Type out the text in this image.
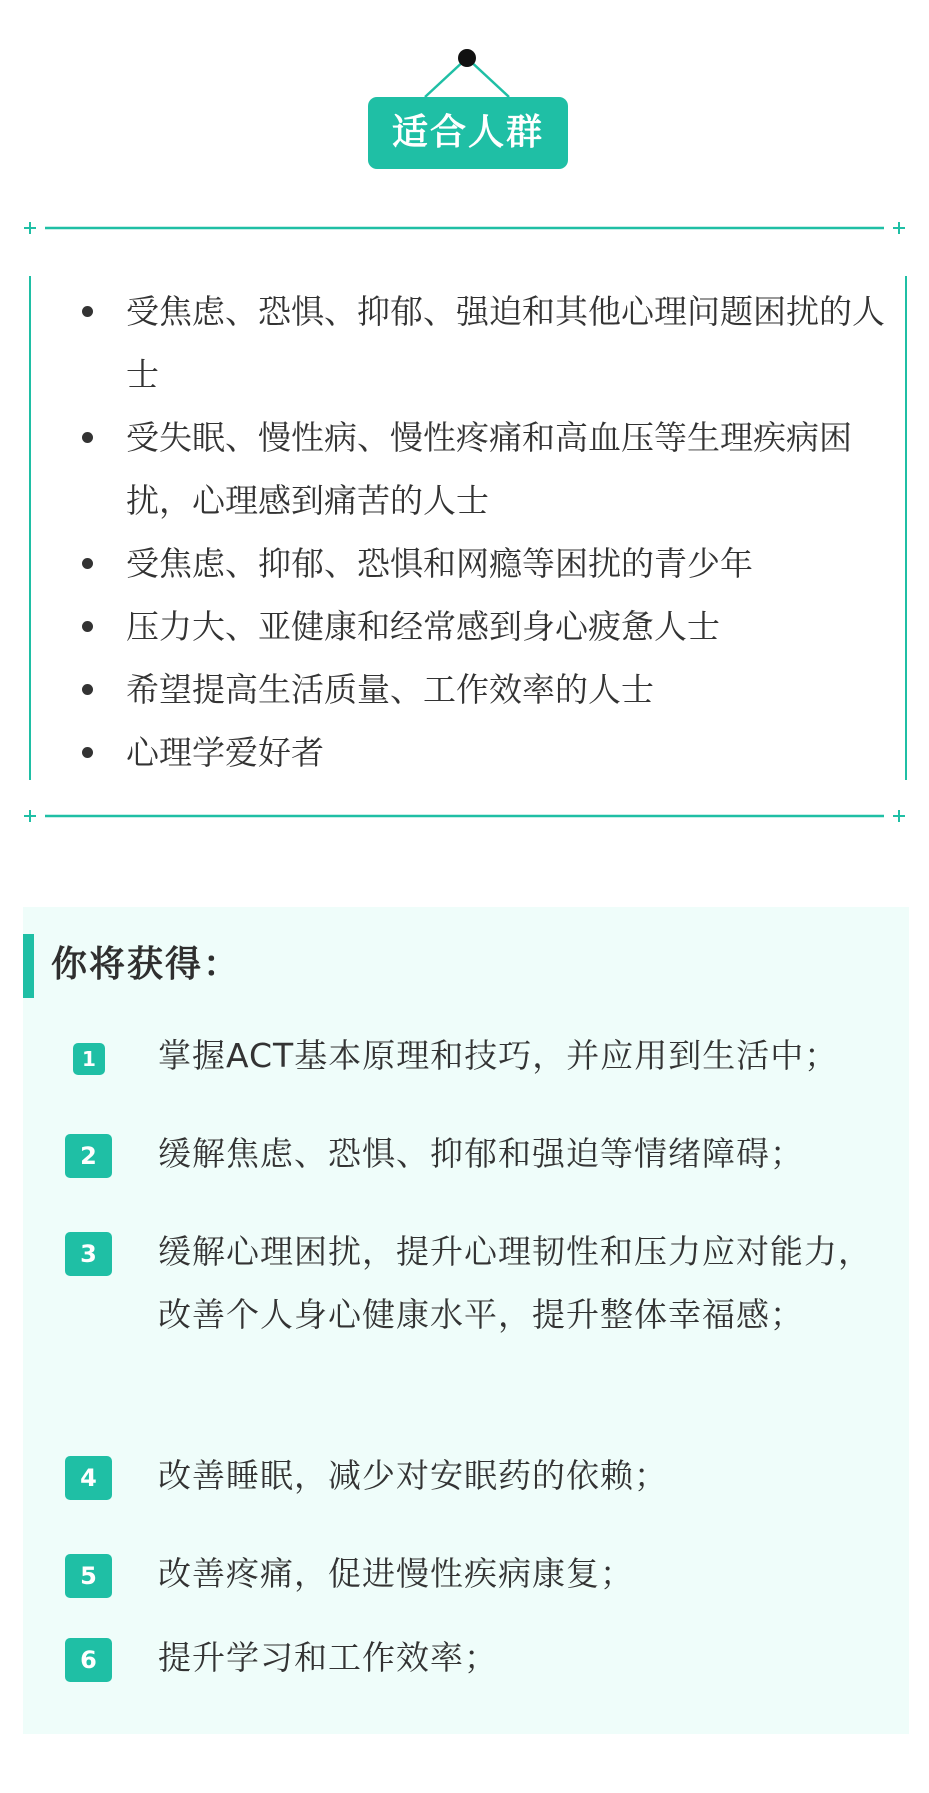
适合人群
受焦虑、恐惧、抑郁、强迫和其他心理问题困扰的人士
受失眠、慢性病、慢性疼痛和高血压等生理疾病困扰，心理感到痛苦的人士
受焦虑、抑郁、恐惧和网瘾等困扰的青少年
压力大、亚健康和经常感到身心疲惫人士
希望提高生活质量、工作效率的人士
心理学爱好者
你将获得：
1 掌握ACT基本原理和技巧，并应用到生活中；
2	缓解焦虑、恐惧、抑郁和强迫等情绪障碍；
3	缓解心理困扰，提升心理韧性和压力应对能力，改善个人身心健康水平，提升整体幸福感；
4	改善睡眠，减少对安眠药的依赖；
5	改善疼痛，促进慢性疾病康复；
6	提升学习和工作效率；
